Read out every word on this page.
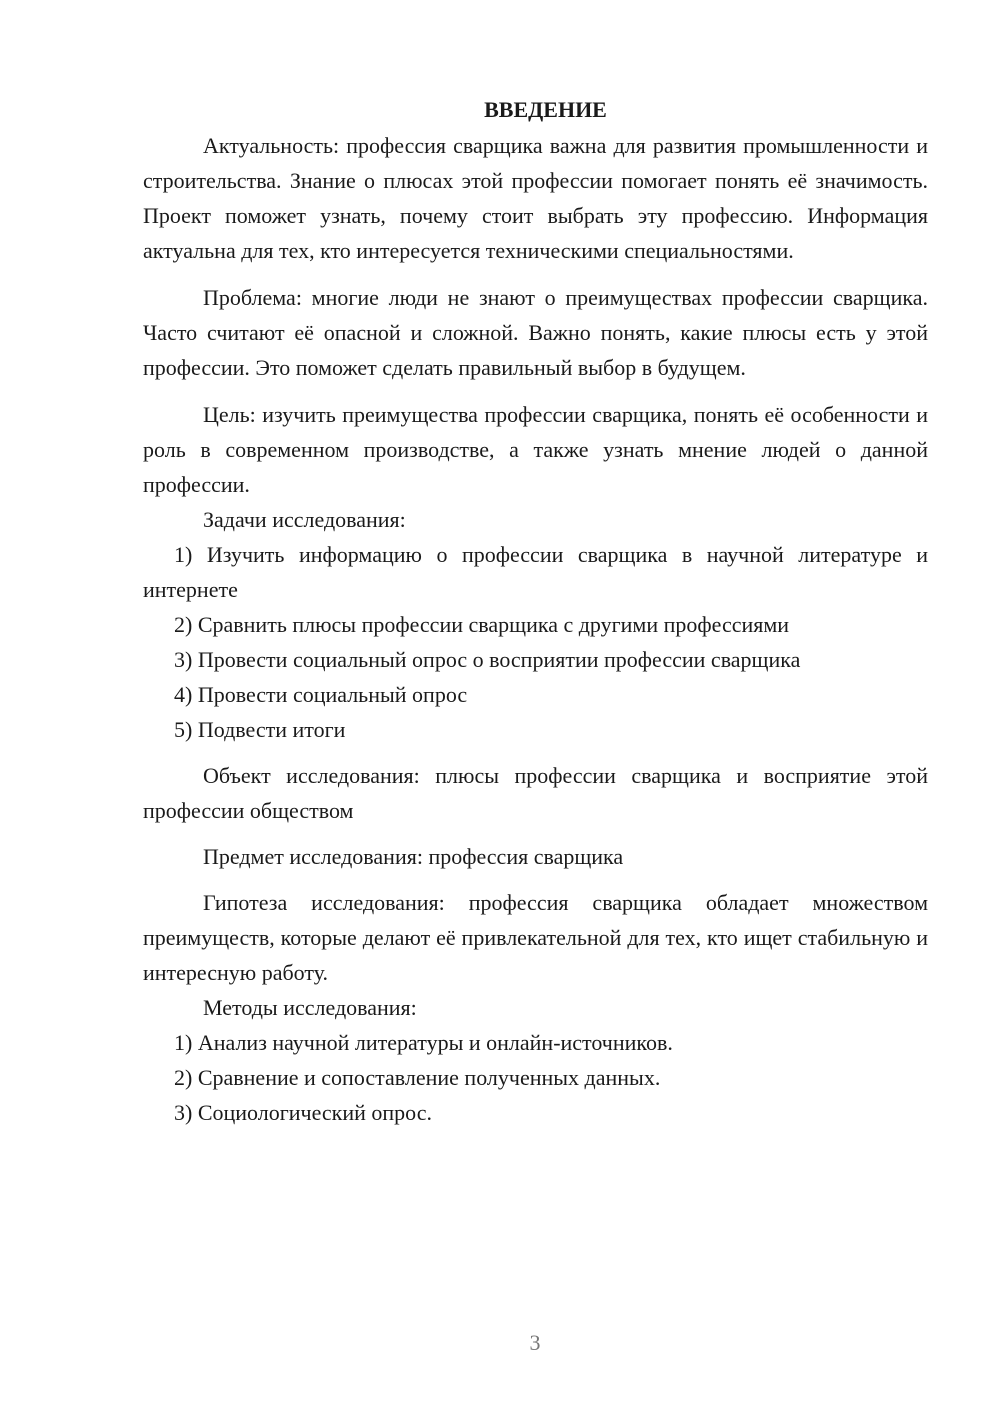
ВВЕДЕНИЕ

Актуальность: профессия сварщика важна для развития промышленности и строительства. Знание о плюсах этой профессии помогает понять её значимость. Проект поможет узнать, почему стоит выбрать эту профессию. Информация актуальна для тех, кто интересуется техническими специальностями.

Проблема: многие люди не знают о преимуществах профессии сварщика. Часто считают её опасной и сложной. Важно понять, какие плюсы есть у этой профессии. Это поможет сделать правильный выбор в будущем.

Цель: изучить преимущества профессии сварщика, понять её особенности и роль в современном производстве, а также узнать мнение людей о данной профессии.

Задачи исследования:

1) Изучить информацию о профессии сварщика в научной литературе и интернете

2) Сравнить плюсы профессии сварщика с другими профессиями

3) Провести социальный опрос о восприятии профессии сварщика

4) Провести социальный опрос

5) Подвести итоги

Объект исследования: плюсы профессии сварщика и восприятие этой профессии обществом

Предмет исследования: профессия сварщика

Гипотеза исследования: профессия сварщика обладает множеством преимуществ, которые делают её привлекательной для тех, кто ищет стабильную и интересную работу.

Методы исследования:

1) Анализ научной литературы и онлайн-источников.

2) Сравнение и сопоставление полученных данных.

3) Социологический опрос.

3
